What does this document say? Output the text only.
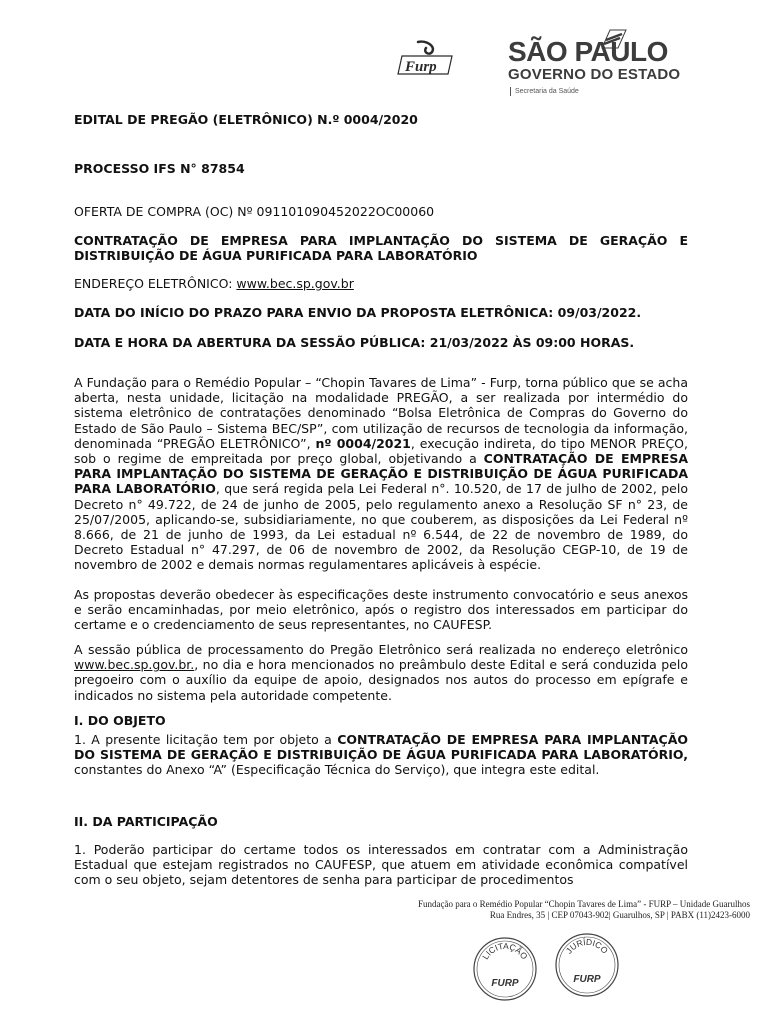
Furp	SÃO PAULO
GOVERNO DO ESTADO
Secretaria da Saúde
EDITAL DE PREGÃO (ELETRÔNICO) N.º 0004/2020
PROCESSO IFS N° 87854
OFERTA DE COMPRA (OC) Nº 091101090452022OC00060
CONTRATAÇÃO DE EMPRESA PARA IMPLANTAÇÃO DO SISTEMA DE GERAÇÃO E DISTRIBUIÇÃO DE ÁGUA PURIFICADA PARA LABORATÓRIO
ENDEREÇO ELETRÔNICO: www.bec.sp.gov.br
DATA DO INÍCIO DO PRAZO PARA ENVIO DA PROPOSTA ELETRÔNICA: 09/03/2022.
DATA E HORA DA ABERTURA DA SESSÃO PÚBLICA: 21/03/2022 ÀS 09:00 HORAS.
A Fundação para o Remédio Popular – “Chopin Tavares de Lima” - Furp, torna público que se acha aberta, nesta unidade, licitação na modalidade PREGÃO, a ser realizada por intermédio do sistema eletrônico de contratações denominado “Bolsa Eletrônica de Compras do Governo do Estado de São Paulo – Sistema BEC/SP”, com utilização de recursos de tecnologia da informação, denominada “PREGÃO ELETRÔNICO”, nº 0004/2021, execução indireta, do tipo MENOR PREÇO, sob o regime de empreitada por preço global, objetivando a CONTRATAÇÃO DE EMPRESA PARA IMPLANTAÇÃO DO SISTEMA DE GERAÇÃO E DISTRIBUIÇÃO DE ÁGUA PURIFICADA PARA LABORATÓRIO, que será regida pela Lei Federal n°. 10.520, de 17 de julho de 2002, pelo Decreto n° 49.722, de 24 de junho de 2005, pelo regulamento anexo a Resolução SF n° 23, de 25/07/2005, aplicando-se, subsidiariamente, no que couberem, as disposições da Lei Federal nº 8.666, de 21 de junho de 1993, da Lei estadual nº 6.544, de 22 de novembro de 1989, do Decreto Estadual n° 47.297, de 06 de novembro de 2002, da Resolução CEGP-10, de 19 de novembro de 2002 e demais normas regulamentares aplicáveis à espécie.
As propostas deverão obedecer às especificações deste instrumento convocatório e seus anexos e serão encaminhadas, por meio eletrônico, após o registro dos interessados em participar do certame e o credenciamento de seus representantes, no CAUFESP.
A sessão pública de processamento do Pregão Eletrônico será realizada no endereço eletrônico www.bec.sp.gov.br., no dia e hora mencionados no preâmbulo deste Edital e será conduzida pelo pregoeiro com o auxílio da equipe de apoio, designados nos autos do processo em epígrafe e indicados no sistema pela autoridade competente.
I. DO OBJETO
1. A presente licitação tem por objeto a CONTRATAÇÃO DE EMPRESA PARA IMPLANTAÇÃO DO SISTEMA DE GERAÇÃO E DISTRIBUIÇÃO DE ÁGUA PURIFICADA PARA LABORATÓRIO, constantes do Anexo “A” (Especificação Técnica do Serviço), que integra este edital.
II. DA PARTICIPAÇÃO
1. Poderão participar do certame todos os interessados em contratar com a Administração Estadual que estejam registrados no CAUFESP, que atuem em atividade econômica compatível com o seu objeto, sejam detentores de senha para participar de procedimentos
Fundação para o Remédio Popular “Chopin Tavares de Lima” - FURP – Unidade Guarulhos
Rua Endres, 35 | CEP 07043-902| Guarulhos, SP | PABX (11)2423-6000
LICITAÇÃO
FURP
JURÍDICO
FURP
